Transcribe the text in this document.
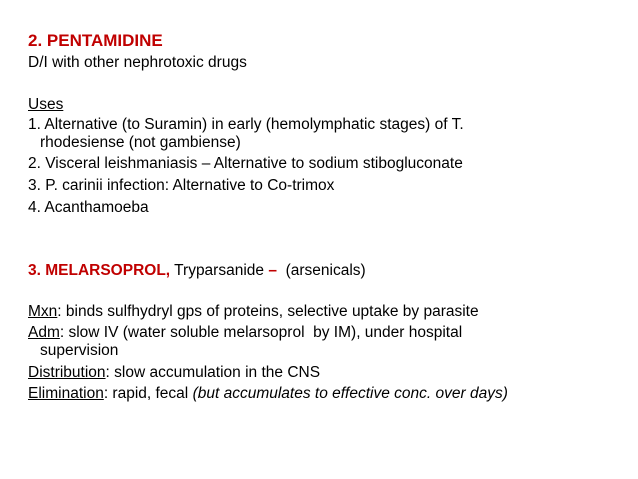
2. PENTAMIDINE
D/I with other nephrotoxic drugs
Uses
1. Alternative (to Suramin) in early (hemolymphatic stages) of T.
rhodesiense (not gambiense)
2. Visceral leishmaniasis – Alternative to sodium stibogluconate
3. P. carinii infection: Alternative to Co-trimox
4. Acanthamoeba
3. MELARSOPROL, Tryparsanide –  (arsenicals)
Mxn: binds sulfhydryl gps of proteins, selective uptake by parasite
Adm: slow IV (water soluble melarsoprol  by IM), under hospital
supervision
Distribution: slow accumulation in the CNS
Elimination: rapid, fecal (but accumulates to effective conc. over days)
